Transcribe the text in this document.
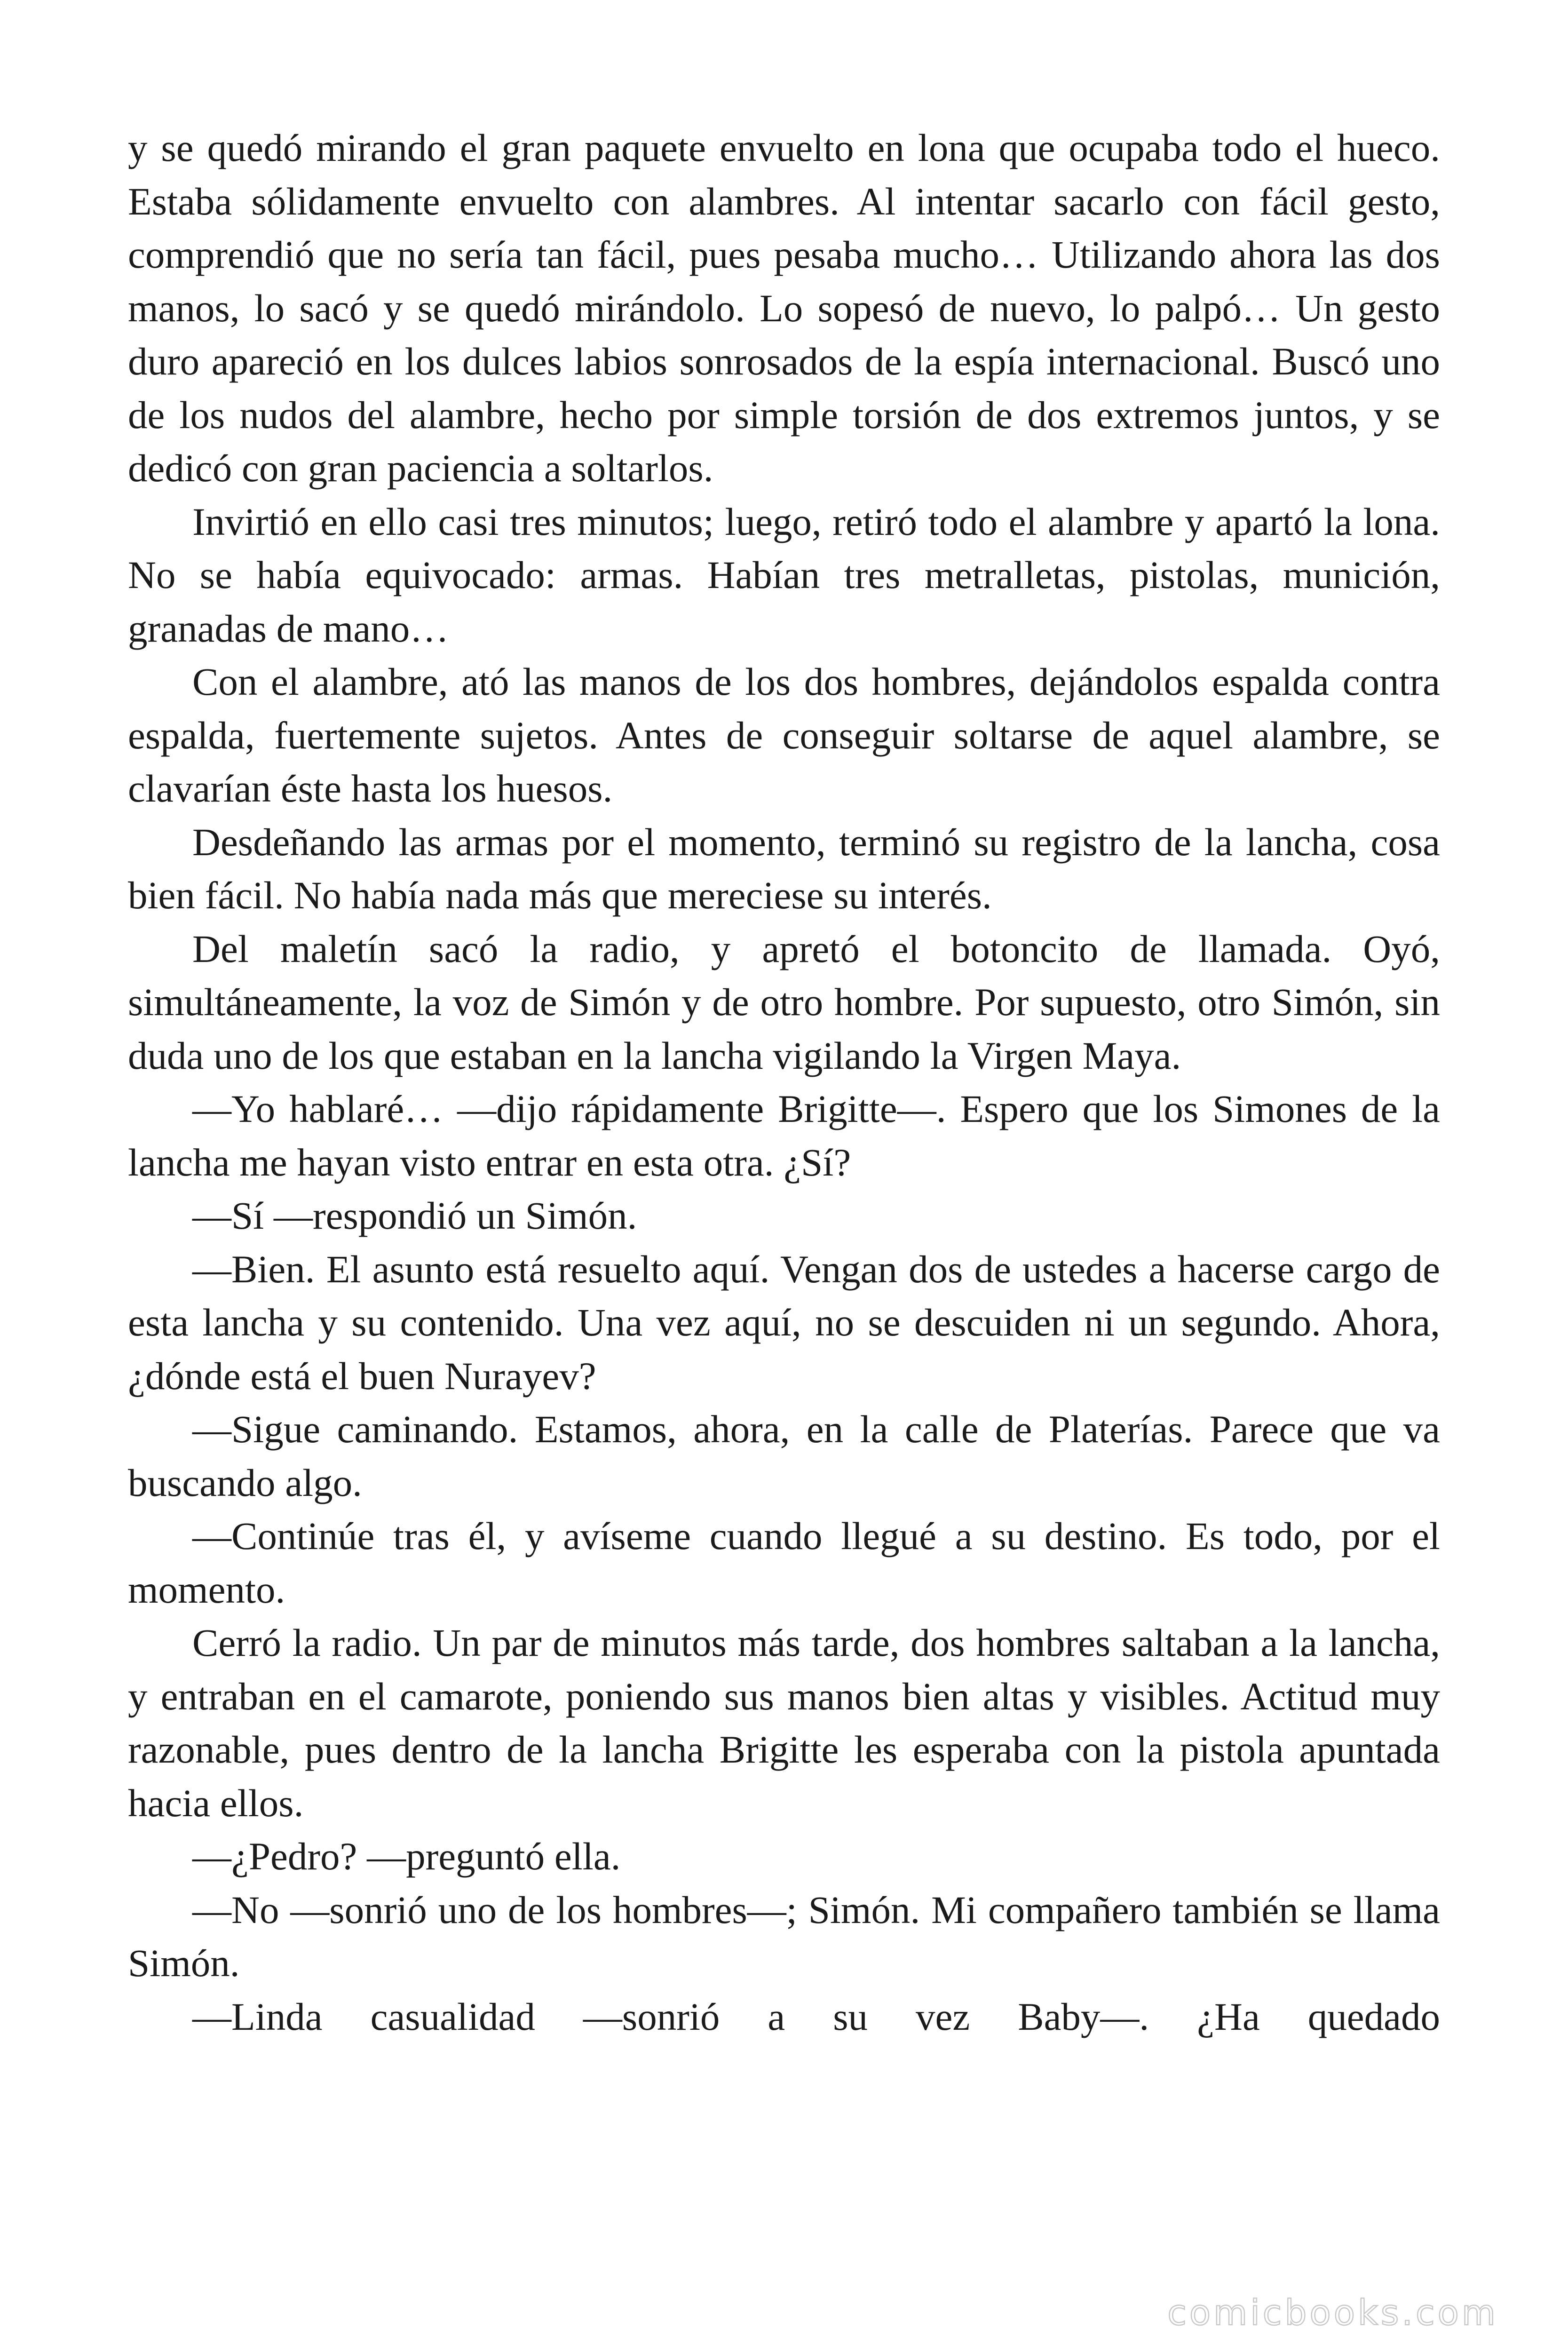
y se quedó mirando el gran paquete envuelto en lona que ocupaba todo el hueco. Estaba sólidamente envuelto con alambres. Al intentar sacarlo con fácil gesto, comprendió que no sería tan fácil, pues pesaba mucho… Utilizando ahora las dos manos, lo sacó y se quedó mirándolo. Lo sopesó de nuevo, lo palpó… Un gesto duro apareció en los dulces labios sonrosados de la espía internacional. Buscó uno de los nudos del alambre, hecho por simple torsión de dos extremos juntos, y se dedicó con gran paciencia a soltarlos.

Invirtió en ello casi tres minutos; luego, retiró todo el alambre y apartó la lona. No se había equivocado: armas. Habían tres metralletas, pistolas, munición, granadas de mano…

Con el alambre, ató las manos de los dos hombres, dejándolos espalda contra espalda, fuertemente sujetos. Antes de conseguir soltarse de aquel alambre, se clavarían éste hasta los huesos.

Desdeñando las armas por el momento, terminó su registro de la lancha, cosa bien fácil. No había nada más que mereciese su interés.

Del maletín sacó la radio, y apretó el botoncito de llamada. Oyó, simultáneamente, la voz de Simón y de otro hombre. Por supuesto, otro Simón, sin duda uno de los que estaban en la lancha vigilando la Virgen Maya.

—Yo hablaré… —dijo rápidamente Brigitte—. Espero que los Simones de la lancha me hayan visto entrar en esta otra. ¿Sí?

—Sí —respondió un Simón.

—Bien. El asunto está resuelto aquí. Vengan dos de ustedes a hacerse cargo de esta lancha y su contenido. Una vez aquí, no se descuiden ni un segundo. Ahora, ¿dónde está el buen Nurayev?

—Sigue caminando. Estamos, ahora, en la calle de Platerías. Parece que va buscando algo.

—Continúe tras él, y avíseme cuando llegué a su destino. Es todo, por el momento.

Cerró la radio. Un par de minutos más tarde, dos hombres saltaban a la lancha, y entraban en el camarote, poniendo sus manos bien altas y visibles. Actitud muy razonable, pues dentro de la lancha Brigitte les esperaba con la pistola apuntada hacia ellos.

—¿Pedro? —preguntó ella.

—No —sonrió uno de los hombres—; Simón. Mi compañero también se llama Simón.

—Linda casualidad —sonrió a su vez Baby—. ¿Ha quedado

comicbooks.com
